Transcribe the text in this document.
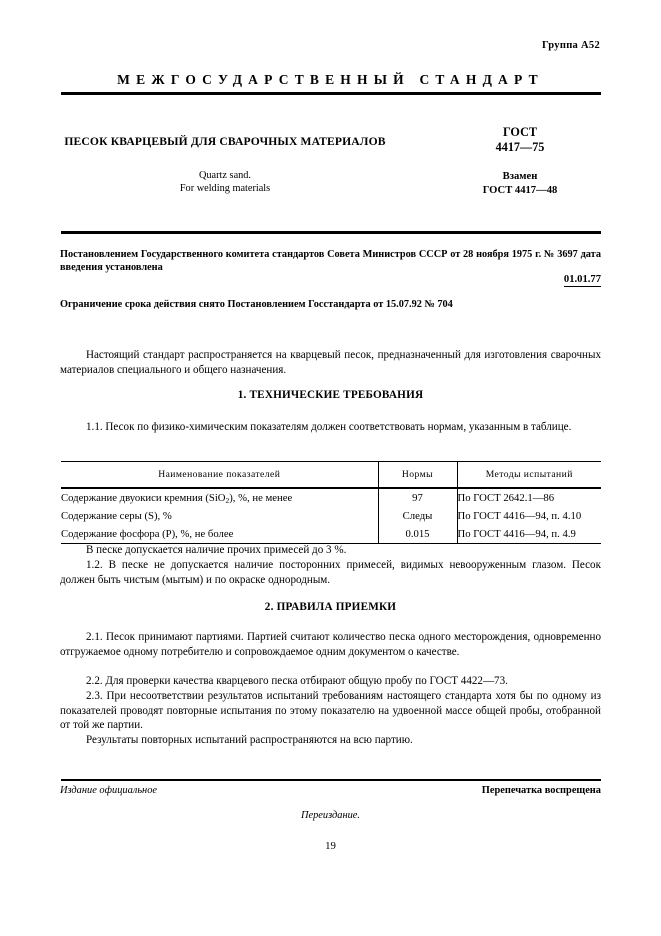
Группа А52
МЕЖГОСУДАРСТВЕННЫЙ СТАНДАРТ
ПЕСОК КВАРЦЕВЫЙ ДЛЯ СВАРОЧНЫХ МАТЕРИАЛОВ
Quartz sand.
For welding materials
ГОСТ
4417—75
Взамен
ГОСТ 4417—48
Постановлением Государственного комитета стандартов Совета Министров СССР от 28 ноября 1975 г. № 3697 дата введения установлена
01.01.77
Ограничение срока действия снято Постановлением Госстандарта от 15.07.92 № 704
Настоящий стандарт распространяется на кварцевый песок, предназначенный для изготовления сварочных материалов специального и общего назначения.
1. ТЕХНИЧЕСКИЕ ТРЕБОВАНИЯ
1.1. Песок по физико-химическим показателям должен соответствовать нормам, указанным в таблице.
Наименование показателей	Нормы	Методы испытаний
Содержание двуокиси кремния (SiO$_2$), %, не менее	97	По ГОСТ 2642.1—86
Содержание серы (S), %	Следы	По ГОСТ 4416—94, п. 4.10
Содержание фосфора (Р), %, не более	0.015	По ГОСТ 4416—94, п. 4.9
В песке допускается наличие прочих примесей до 3 %.
1.2. В песке не допускается наличие посторонних примесей, видимых невооруженным глазом. Песок должен быть чистым (мытым) и по окраске однородным.
2. ПРАВИЛА ПРИЕМКИ
2.1. Песок принимают партиями. Партией считают количество песка одного месторождения, одновременно отгружаемое одному потребителю и сопровождаемое одним документом о качестве.
2.2. Для проверки качества кварцевого песка отбирают общую пробу по ГОСТ 4422—73.
2.3. При несоответствии результатов испытаний требованиям настоящего стандарта хотя бы по одному из показателей проводят повторные испытания по этому показателю на удвоенной массе общей пробы, отобранной от той же партии.
Результаты повторных испытаний распространяются на всю партию.
Издание официальное	Перепечатка воспрещена
Переиздание.
19
